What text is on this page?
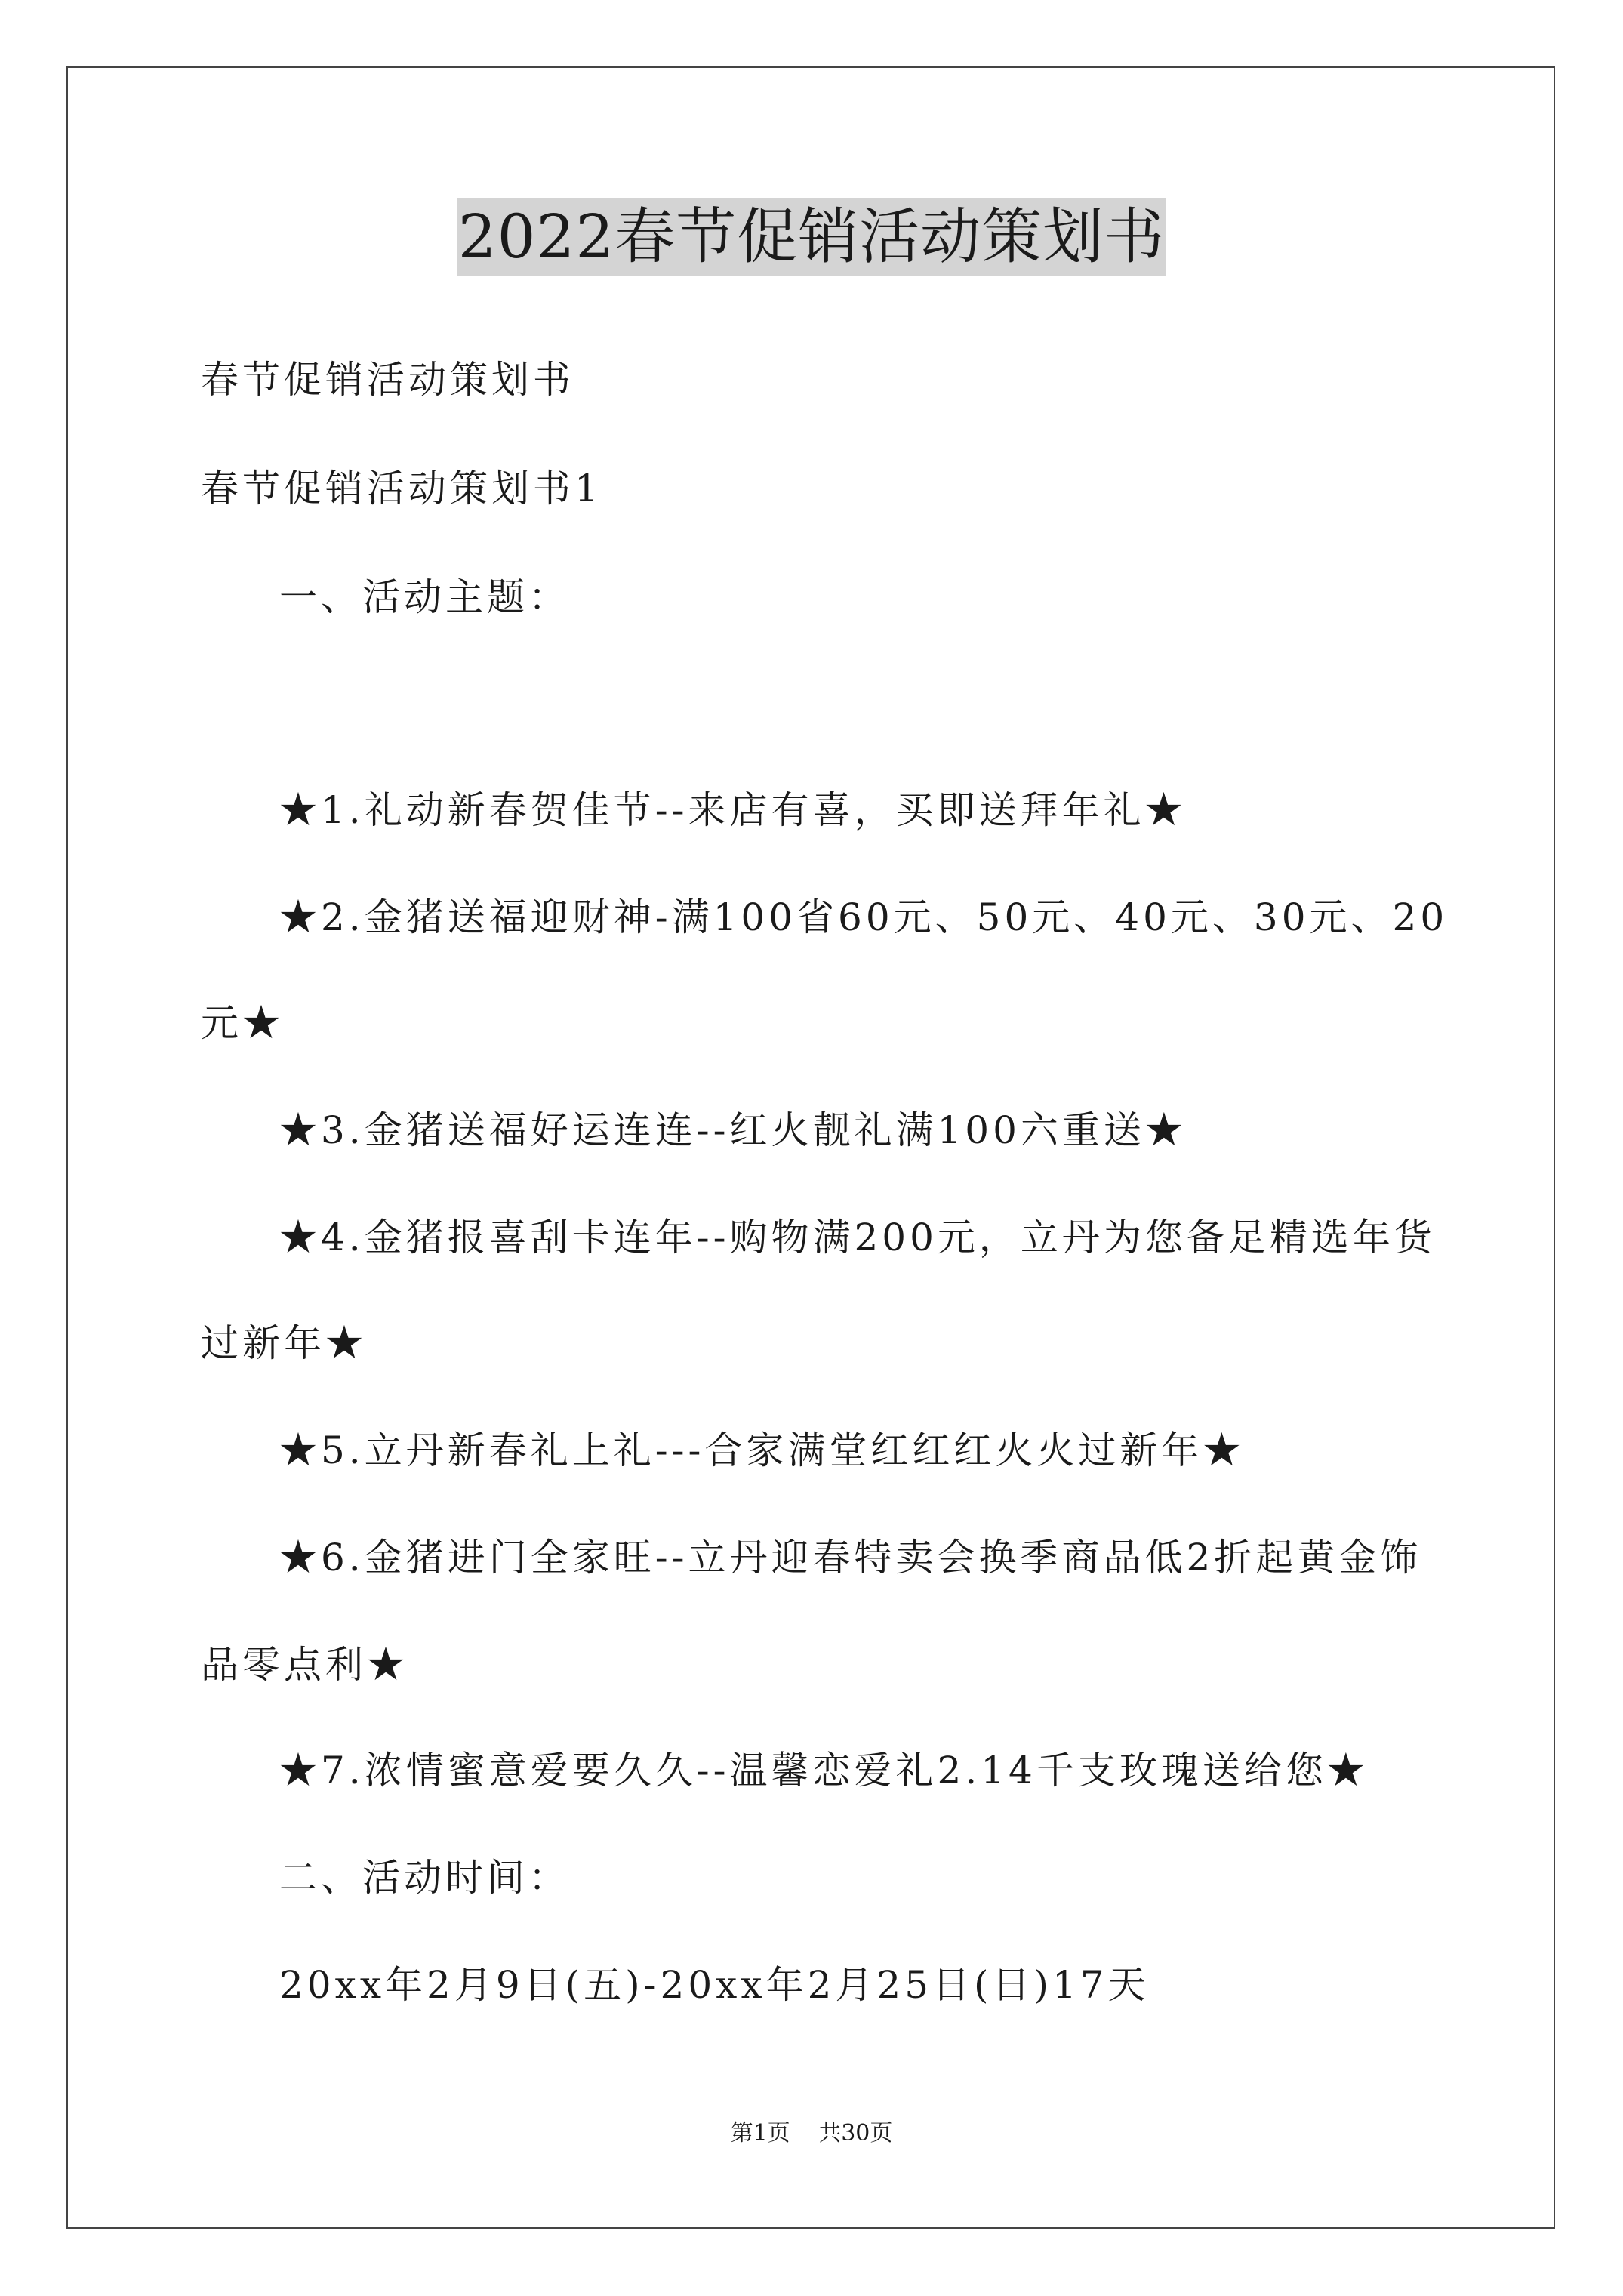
2022春节促销活动策划书
春节促销活动策划书
春节促销活动策划书1
一、活动主题：
★1.礼动新春贺佳节--来店有喜，买即送拜年礼★
★2.金猪送福迎财神-满100省60元、50元、40元、30元、20
元★
★3.金猪送福好运连连--红火靓礼满100六重送★
★4.金猪报喜刮卡连年--购物满200元，立丹为您备足精选年货
过新年★
★5.立丹新春礼上礼---合家满堂红红红火火过新年★
★6.金猪进门全家旺--立丹迎春特卖会换季商品低2折起黄金饰
品零点利★
★7.浓情蜜意爱要久久--温馨恋爱礼2.14千支玫瑰送给您★
二、活动时间：
20xx年2月9日(五)-20xx年2月25日(日)17天
第1页 共30页
